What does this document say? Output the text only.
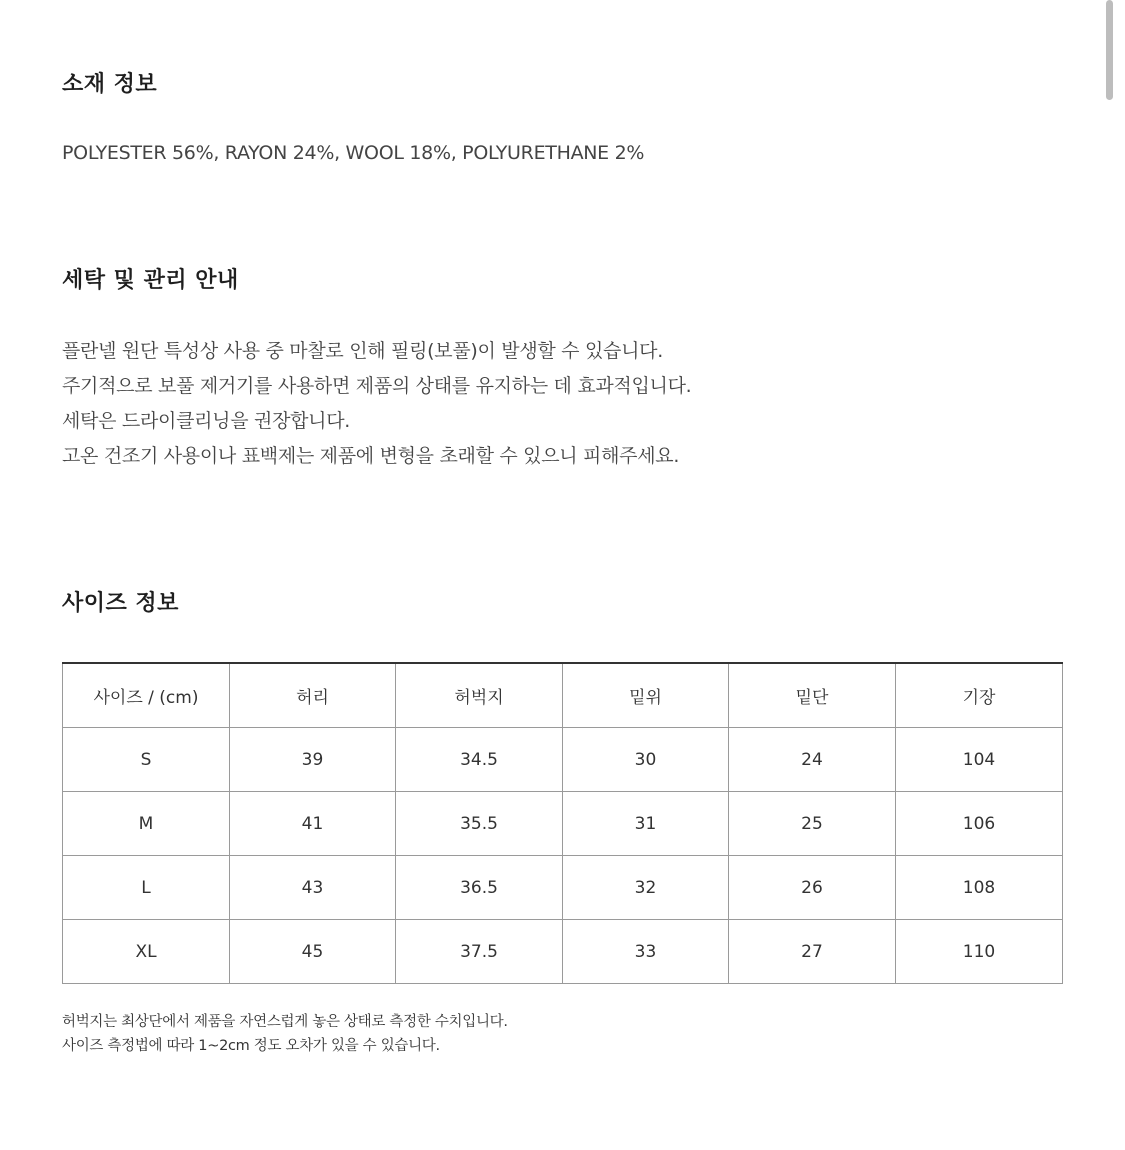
소재 정보

POLYESTER 56%, RAYON 24%, WOOL 18%, POLYURETHANE 2%

세탁 및 관리 안내
플란넬 원단 특성상 사용 중 마찰로 인해 필링(보풀)이 발생할 수 있습니다.
주기적으로 보풀 제거기를 사용하면 제품의 상태를 유지하는 데 효과적입니다.
세탁은 드라이클리닝을 권장합니다.
고온 건조기 사용이나 표백제는 제품에 변형을 초래할 수 있으니 피해주세요.
사이즈 정보
사이즈 / (cm)	허리	허벅지	밑위	밑단	기장
S	39	34.5	30	24	104
M	41	35.5	31	25	106
L	43	36.5	32	26	108
XL	45	37.5	33	27	110
허벅지는 최상단에서 제품을 자연스럽게 놓은 상태로 측정한 수치입니다.
사이즈 측정법에 따라 1~2cm 정도 오차가 있을 수 있습니다.
